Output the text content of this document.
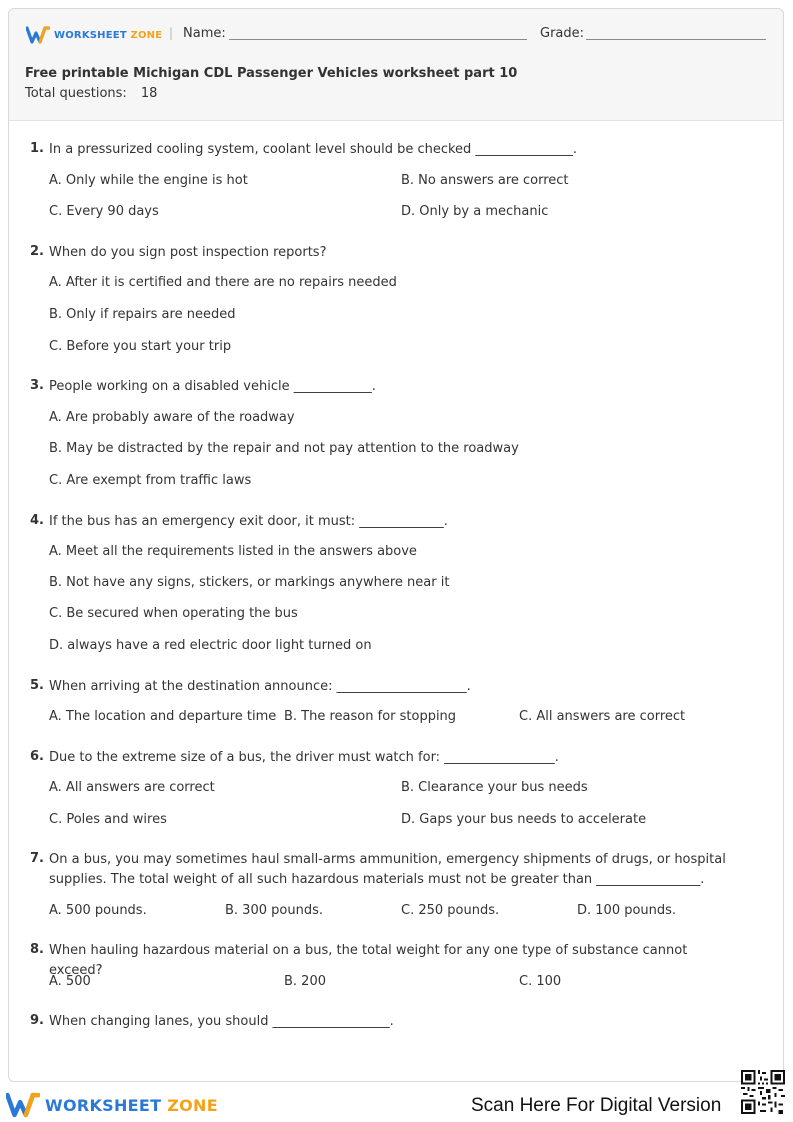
WORKSHEET ZONE | Name:	Grade:
Free printable Michigan CDL Passenger Vehicles worksheet part 10
Total questions: 18
1. In a pressurized cooling system, coolant level should be checked _______________.
A. Only while the engine is hot	B. No answers are correct
C. Every 90 days	D. Only by a mechanic
2. When do you sign post inspection reports?
A. After it is certified and there are no repairs needed
B. Only if repairs are needed
C. Before you start your trip
3. People working on a disabled vehicle ____________.
A. Are probably aware of the roadway
B. May be distracted by the repair and not pay attention to the roadway
C. Are exempt from traffic laws
4. If the bus has an emergency exit door, it must: _____________.
A. Meet all the requirements listed in the answers above
B. Not have any signs, stickers, or markings anywhere near it
C. Be secured when operating the bus
D. always have a red electric door light turned on
5. When arriving at the destination announce: ____________________.
A. The location and departure time B. The reason for stopping	C. All answers are correct
6. Due to the extreme size of a bus, the driver must watch for: _________________.
A. All answers are correct	B. Clearance your bus needs
C. Poles and wires	D. Gaps your bus needs to accelerate
7. On a bus, you may sometimes haul small-arms ammunition, emergency shipments of drugs, or hospital supplies. The total weight of all such hazardous materials must not be greater than ________________.
A. 500 pounds.	B. 300 pounds.	C. 250 pounds.	D. 100 pounds.
8. When hauling hazardous material on a bus, the total weight for any one type of substance cannot exceed?
A. 500	B. 200	C. 100
9. When changing lanes, you should __________________.
WORKSHEET ZONE	Scan Here For Digital Version
